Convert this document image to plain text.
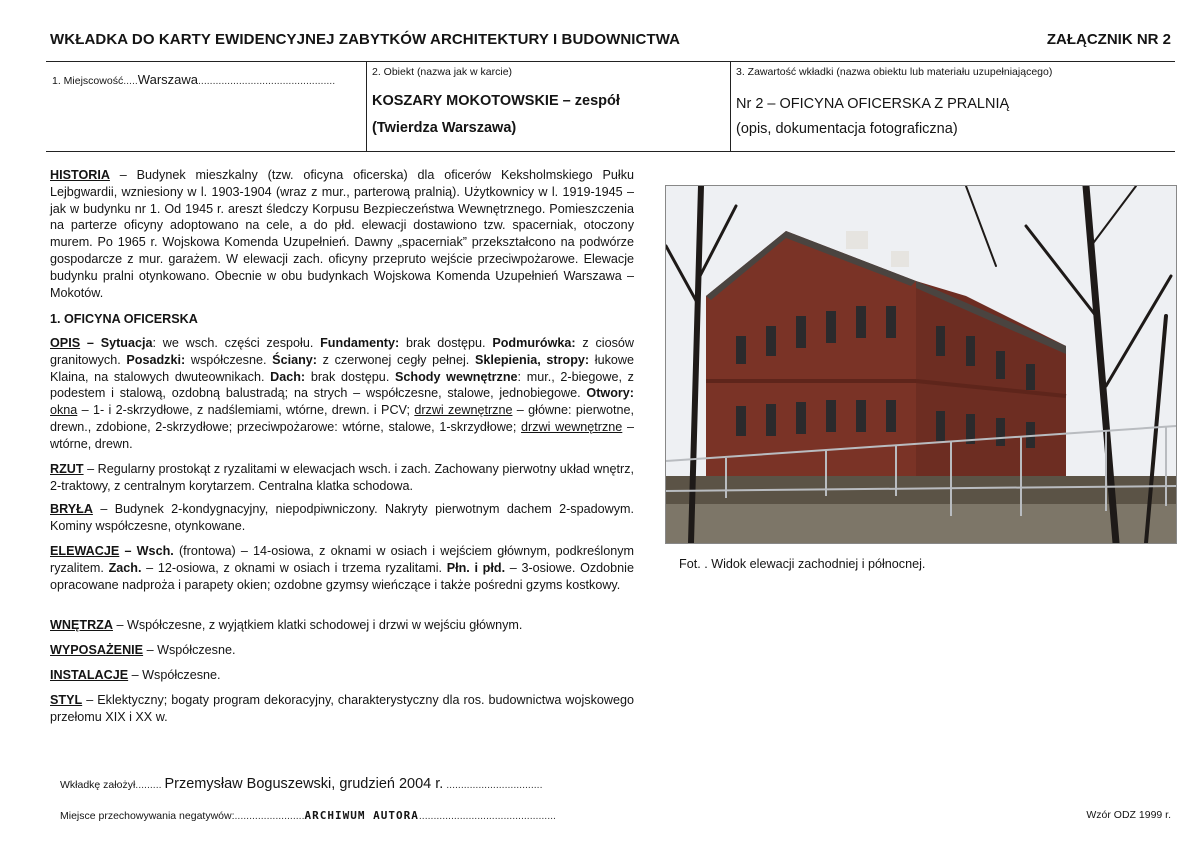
WKŁADKA DO KARTY EWIDENCYJNEJ ZABYTKÓW ARCHITEKTURY I BUDOWNICTWA	ZAŁĄCZNIK NR 2
1. Miejscowość.....Warszawa...............................................
2. Obiekt (nazwa jak w karcie)
KOSZARY MOKOTOWSKIE – zespół
(Twierdza Warszawa)
3. Zawartość wkładki (nazwa obiektu lub materiału uzupełniającego)
Nr 2 – OFICYNA OFICERSKA Z PRALNIĄ
(opis, dokumentacja fotograficzna)
HISTORIA – Budynek mieszkalny (tzw. oficyna oficerska) dla oficerów Keksholmskiego Pułku Lejbgwardii, wzniesiony w l. 1903-1904 (wraz z mur., parterową pralnią). Użytkownicy w l. 1919-1945 – jak w budynku nr 1. Od 1945 r. areszt śledczy Korpusu Bezpieczeństwa Wewnętrznego. Pomieszczenia na parterze oficyny adoptowano na cele, a do płd. elewacji dostawiono tzw. spacerniak, otoczony murem. Po 1965 r. Wojskowa Komenda Uzupełnień. Dawny „spacerniak” przekształcono na podwórze gospodarcze z mur. garażem. W elewacji zach. oficyny przepruto wejście przeciwpożarowe. Elewacje budynku pralni otynkowano. Obecnie w obu budynkach Wojskowa Komenda Uzupełnień Warszawa – Mokotów.
1. OFICYNA OFICERSKA
OPIS – Sytuacja: we wsch. części zespołu. Fundamenty: brak dostępu. Podmurówka: z ciosów granitowych. Posadzki: współczesne. Ściany: z czerwonej cegły pełnej. Sklepienia, stropy: łukowe Klaina, na stalowych dwuteownikach. Dach: brak dostępu. Schody wewnętrzne: mur., 2-biegowe, z podestem i stalową, ozdobną balustradą; na strych – współczesne, stalowe, jednobiegowe. Otwory: okna – 1- i 2-skrzydłowe, z nadślemiami, wtórne, drewn. i PCV; drzwi zewnętrzne – główne: pierwotne, drewn., zdobione, 2-skrzydłowe; przeciwpożarowe: wtórne, stalowe, 1-skrzydłowe; drzwi wewnętrzne – wtórne, drewn.
RZUT – Regularny prostokąt z ryzalitami w elewacjach wsch. i zach. Zachowany pierwotny układ wnętrz, 2-traktowy, z centralnym korytarzem. Centralna klatka schodowa.
BRYŁA – Budynek 2-kondygnacyjny, niepodpiwniczony. Nakryty pierwotnym dachem 2-spadowym. Kominy współczesne, otynkowane.
ELEWACJE – Wsch. (frontowa) – 14-osiowa, z oknami w osiach i wejściem głównym, podkreślonym ryzalitem. Zach. – 12-osiowa, z oknami w osiach i trzema ryzalitami. Płn. i płd. – 3-osiowe. Ozdobnie opracowane nadproża i parapety okien; ozdobne gzymsy wieńczące i także pośredni gzyms kostkowy.
WNĘTRZA – Współczesne, z wyjątkiem klatki schodowej i drzwi w wejściu głównym.
WYPOSAŻENIE – Współczesne.
INSTALACJE – Współczesne.
STYL – Eklektyczny; bogaty program dekoracyjny, charakterystyczny dla ros. budownictwa wojskowego przełomu XIX i XX w.
Fot. . Widok elewacji zachodniej i północnej.
Wkładkę założył......... Przemysław Boguszewski, grudzień 2004 r. .................................
Miejsce przechowywania negatywów:........................ARCHIWUM AUTORA...............................................	Wzór ODZ 1999 r.
